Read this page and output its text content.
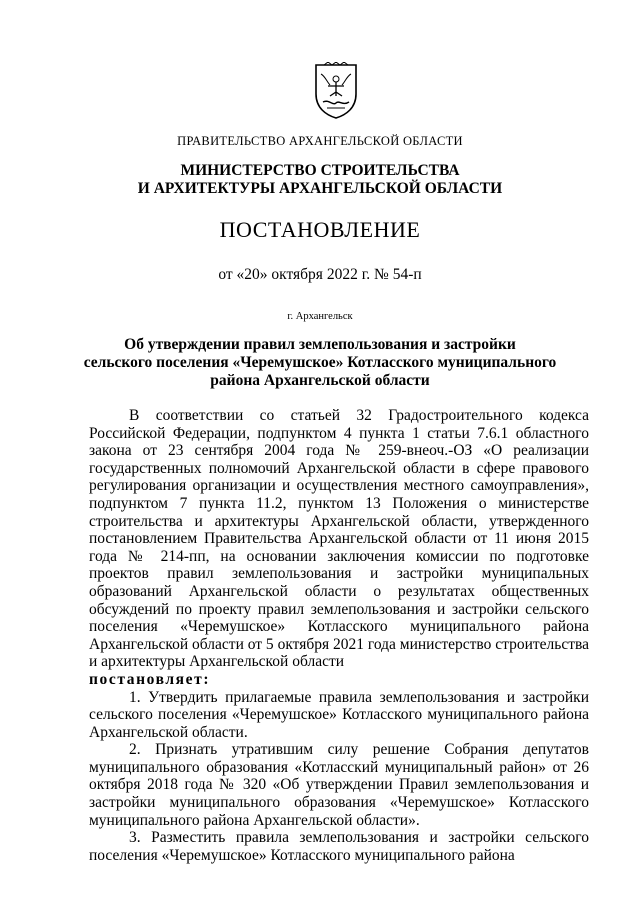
ПРАВИТЕЛЬСТВО АРХАНГЕЛЬСКОЙ ОБЛАСТИ
МИНИСТЕРСТВО СТРОИТЕЛЬСТВА
И АРХИТЕКТУРЫ АРХАНГЕЛЬСКОЙ ОБЛАСТИ
ПОСТАНОВЛЕНИЕ
от «20» октября 2022 г. № 54-п
г. Архангельск
Об утверждении правил землепользования и застройки
сельского поселения «Черемушское» Котласского муниципального
района Архангельской области

В соответствии со статьей 32 Градостроительного кодекса Российской Федерации, подпунктом 4 пункта 1 статьи 7.6.1 областного закона от 23 сентября 2004 года № 259-внеоч.-ОЗ «О реализации государственных полномочий Архангельской области в сфере правового регулирования организации и осуществления местного самоуправления», подпунктом 7 пункта 11.2, пунктом 13 Положения о министерстве строительства и архитектуры Архангельской области, утвержденного постановлением Правительства Архангельской области от 11 июня 2015 года № 214-пп, на основании заключения комиссии по подготовке проектов правил землепользования и застройки муниципальных образований Архангельской области о результатах общественных обсуждений по проекту правил землепользования и застройки сельского поселения «Черемушское» Котласского муниципального района Архангельской области от 5 октября 2021 года министерство строительства и архитектуры Архангельской области

постановляет:

1. Утвердить прилагаемые правила землепользования и застройки сельского поселения «Черемушское» Котласского муниципального района Архангельской области.

2. Признать утратившим силу решение Собрания депутатов муниципального образования «Котласский муниципальный район» от 26 октября 2018 года № 320 «Об утверждении Правил землепользования и застройки муниципального образования «Черемушское» Котласского муниципального района Архангельской области».

3. Разместить правила землепользования и застройки сельского поселения «Черемушское» Котласского муниципального района
